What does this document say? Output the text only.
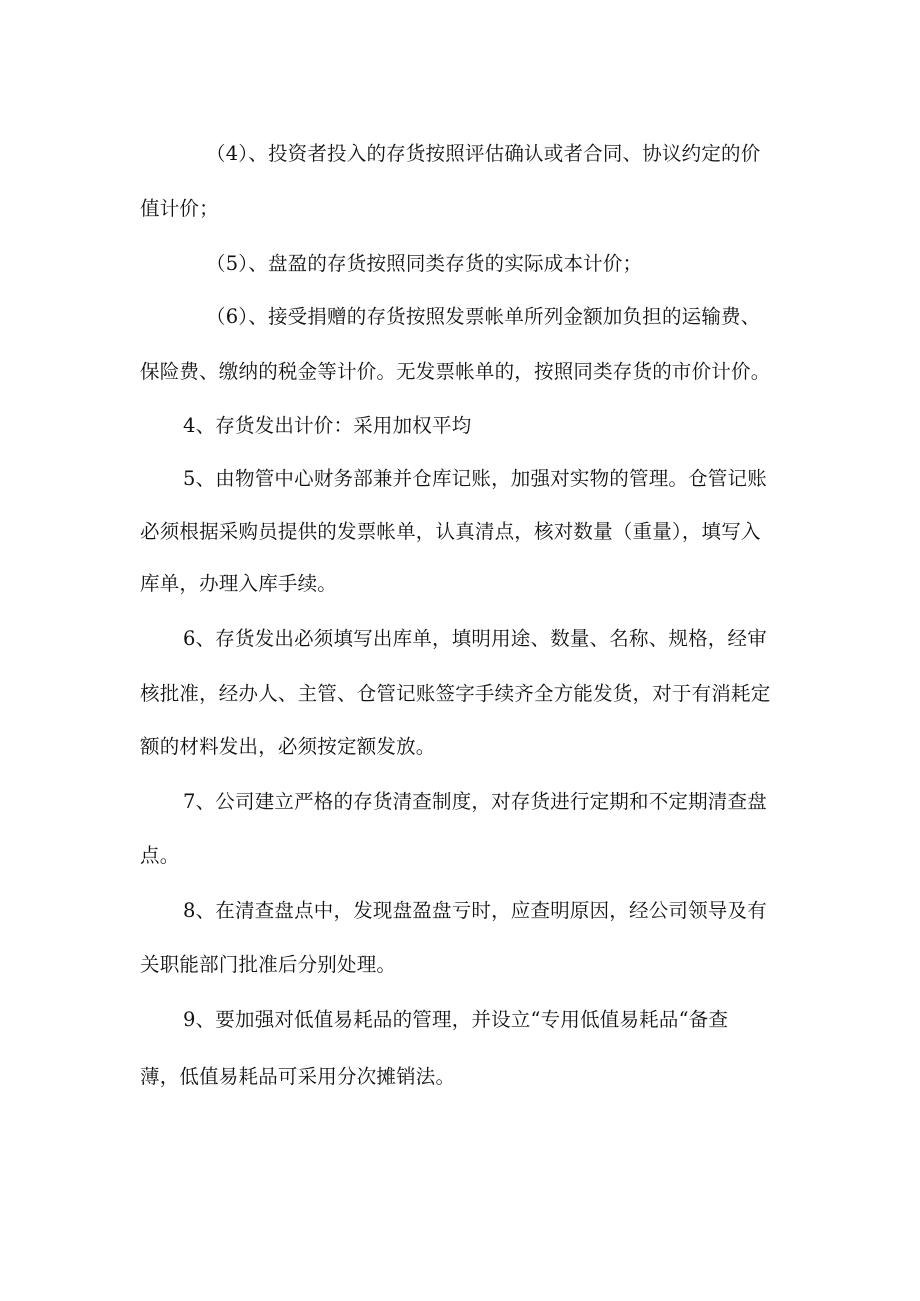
（4）、投资者投入的存货按照评估确认或者合同、协议约定的价
值计价；
（5）、盘盈的存货按照同类存货的实际成本计价；
（6）、接受捐赠的存货按照发票帐单所列金额加负担的运输费、
保险费、缴纳的税金等计价。无发票帐单的，按照同类存货的市价计价。
4、存货发出计价：采用加权平均
5、由物管中心财务部兼并仓库记账，加强对实物的管理。仓管记账
必须根据采购员提供的发票帐单，认真清点，核对数量（重量），填写入
库单，办理入库手续。
6、存货发出必须填写出库单，填明用途、数量、名称、规格，经审
核批准，经办人、主管、仓管记账签字手续齐全方能发货，对于有消耗定
额的材料发出，必须按定额发放。
7、公司建立严格的存货清查制度，对存货进行定期和不定期清查盘
点。
8、在清查盘点中，发现盘盈盘亏时，应查明原因，经公司领导及有
关职能部门批准后分别处理。
9、要加强对低值易耗品的管理，并设立“专用低值易耗品“备查
薄，低值易耗品可采用分次摊销法。
